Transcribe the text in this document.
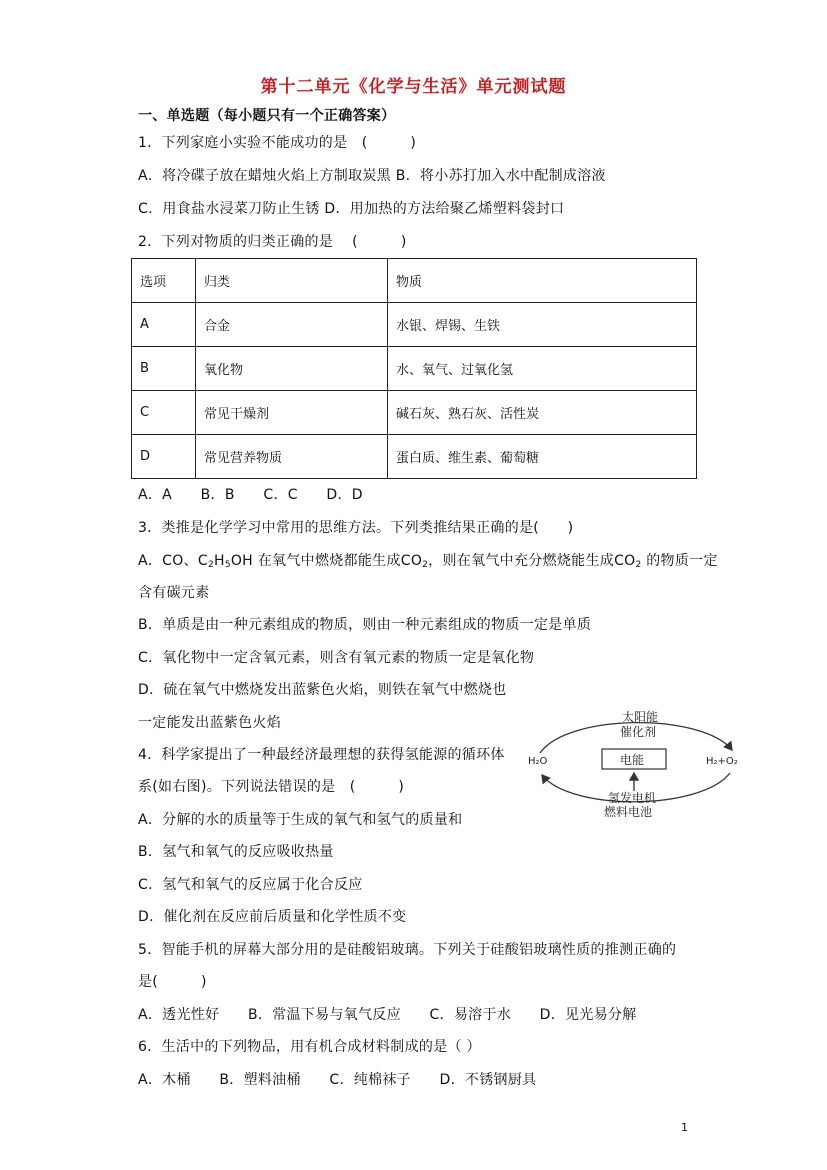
第十二单元《化学与生活》单元测试题
一、单选题（每小题只有一个正确答案）
1．下列家庭小实验不能成功的是　(　　　)
A．将冷碟子放在蜡烛火焰上方制取炭黑 B．将小苏打加入水中配制成溶液
C．用食盐水浸菜刀防止生锈 D．用加热的方法给聚乙烯塑料袋封口
2．下列对物质的归类正确的是　 (　　　)
选项	归类	物质
A	合金	水银、焊锡、生铁
B	氧化物	水、氧气、过氧化氢
C	常见干燥剂	碱石灰、熟石灰、活性炭
D	常见营养物质	蛋白质、维生素、葡萄糖
A．A　　B．B　　C．C　　D．D
3．类推是化学学习中常用的思维方法。下列类推结果正确的是(　　)
A．CO、$C_2H_5OH$ 在氧气中燃烧都能生成$CO_2$，则在氧气中充分燃烧能生成$CO_2$ 的物质一定
含有碳元素
B．单质是由一种元素组成的物质，则由一种元素组成的物质一定是单质
C．氧化物中一定含氧元素，则含有氧元素的物质一定是氧化物
D．硫在氧气中燃烧发出蓝紫色火焰，则铁在氧气中燃烧也
一定能发出蓝紫色火焰
4．科学家提出了一种最经济最理想的获得氢能源的循环体
系(如右图)。下列说法错误的是　(　　　)
A．分解的水的质量等于生成的氧气和氢气的质量和
B．氢气和氧气的反应吸收热量
C．氢气和氧气的反应属于化合反应
D．催化剂在反应前后质量和化学性质不变
太阳能
催化剂
H₂O	电能	H₂+O₂
氢发电机
燃料电池
5．智能手机的屏幕大部分用的是硅酸铝玻璃。下列关于硅酸铝玻璃性质的推测正确的
是(　　　)
A．透光性好　　B．常温下易与氧气反应　　C．易溶于水　　D．见光易分解
6．生活中的下列物品，用有机合成材料制成的是（ ）
A．木桶　　B．塑料油桶　　C．纯棉袜子　　D．不锈钢厨具
1
